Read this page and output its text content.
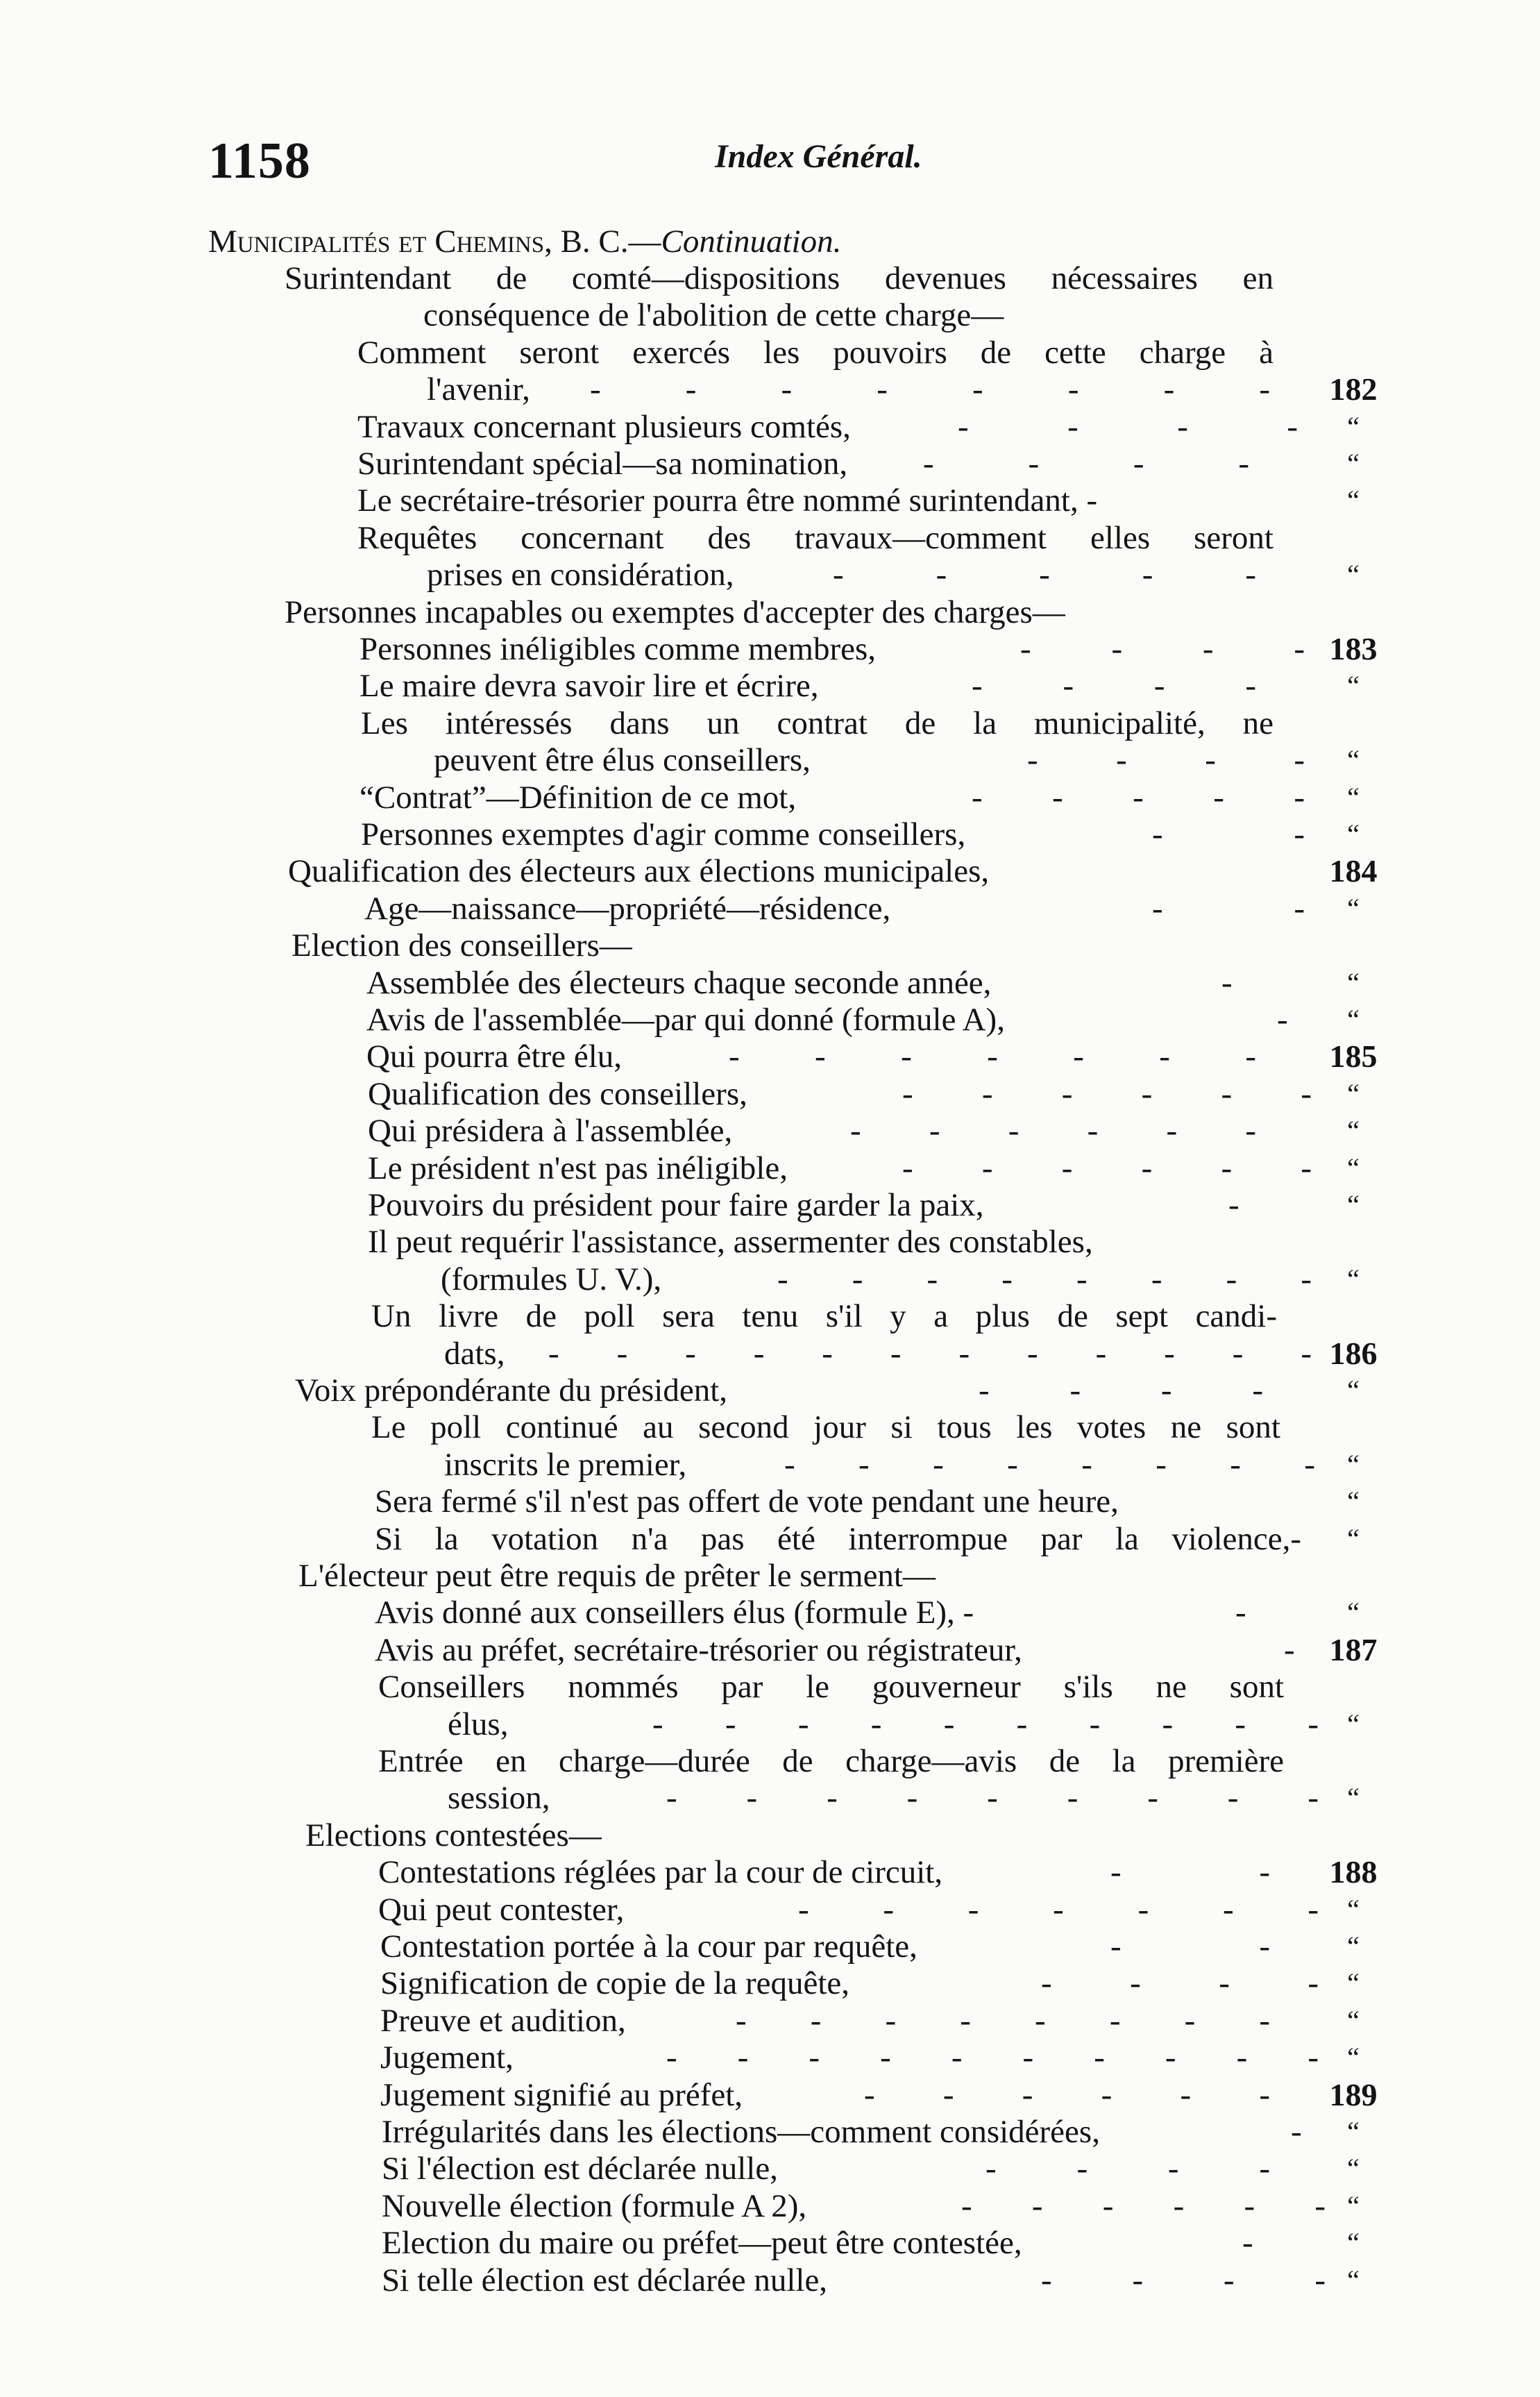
1158	Index Général.
Municipalités et Chemins, B. C.—Continuation.
Surintendant de comté—dispositions devenues nécessaires en
conséquence de l'abolition de cette charge—
Comment seront exercés les pouvoirs de cette charge à
l'avenir, - - - - - - - -	182
Travaux concernant plusieurs comtés,	- - - -	“
Surintendant spécial—sa nomination, - - - -	“
Le secrétaire-trésorier pourra être nommé surintendant, -	“
Requêtes concernant des travaux—comment elles seront
prises en considération,	- - - - -	“
Personnes incapables ou exemptes d'accepter des charges—
Personnes inéligibles comme membres,	- - - - 183
Le maire devra savoir lire et écrire,	- - - -	“
Les intéressés dans un contrat de la municipalité, ne
peuvent être élus conseillers,	- - - -	“
“Contrat”—Définition de ce mot,	- - - - -	“
Personnes exemptes d'agir comme conseillers,	- -	“
Qualification des électeurs aux élections municipales,	184
Age—naissance—propriété—résidence,	- -	“
Election des conseillers—
Assemblée des électeurs chaque seconde année,	-	“
Avis de l'assemblée—par qui donné (formule A),	-	“
Qui pourra être élu,	- - - - - - -	185
Qualification des conseillers,	- - - - - -	“
Qui présidera à l'assemblée,	- - - - - -	“
Le président n'est pas inéligible,	- - - - - -	“
Pouvoirs du président pour faire garder la paix,	-	“
Il peut requérir l'assistance, assermenter des constables,
(formules U. V.),	- - - - - - - -	“
Un livre de poll sera tenu s'il y a plus de sept candi-
dats, - - - - - - - - - - - - 186
Voix prépondérante du président,	- - - -	“
Le poll continué au second jour si tous les votes ne sont
inscrits le premier,	- - - - - - - -	“
Sera fermé s'il n'est pas offert de vote pendant une heure,	“
Si la votation n'a pas été interrompue par la violence,-	“
L'électeur peut être requis de prêter le serment—
Avis donné aux conseillers élus (formule E), -	-	“
Avis au préfet, secrétaire-trésorier ou régistrateur,	-	187
Conseillers nommés par le gouverneur s'ils ne sont
élus,	- - - - - - - - - -	“
Entrée en charge—durée de charge—avis de la première
session,	- - - - - - - - -	“
Elections contestées—
Contestations réglées par la cour de circuit,	- -	188
Qui peut contester,	- - - - - - -	“
Contestation portée à la cour par requête,	- -	“
Signification de copie de la requête,	- - - -	“
Preuve et audition,	- - - - - - - -	“
Jugement,	- - - - - - - - - -	“
Jugement signifié au préfet,	- - - - - -	189
Irrégularités dans les élections—comment considérées,	-	“
Si l'élection est déclarée nulle,	- - - -	“
Nouvelle élection (formule A 2),	- - - - - - “
Election du maire ou préfet—peut être contestée,	-	“
Si telle élection est déclarée nulle,	- - - - “
